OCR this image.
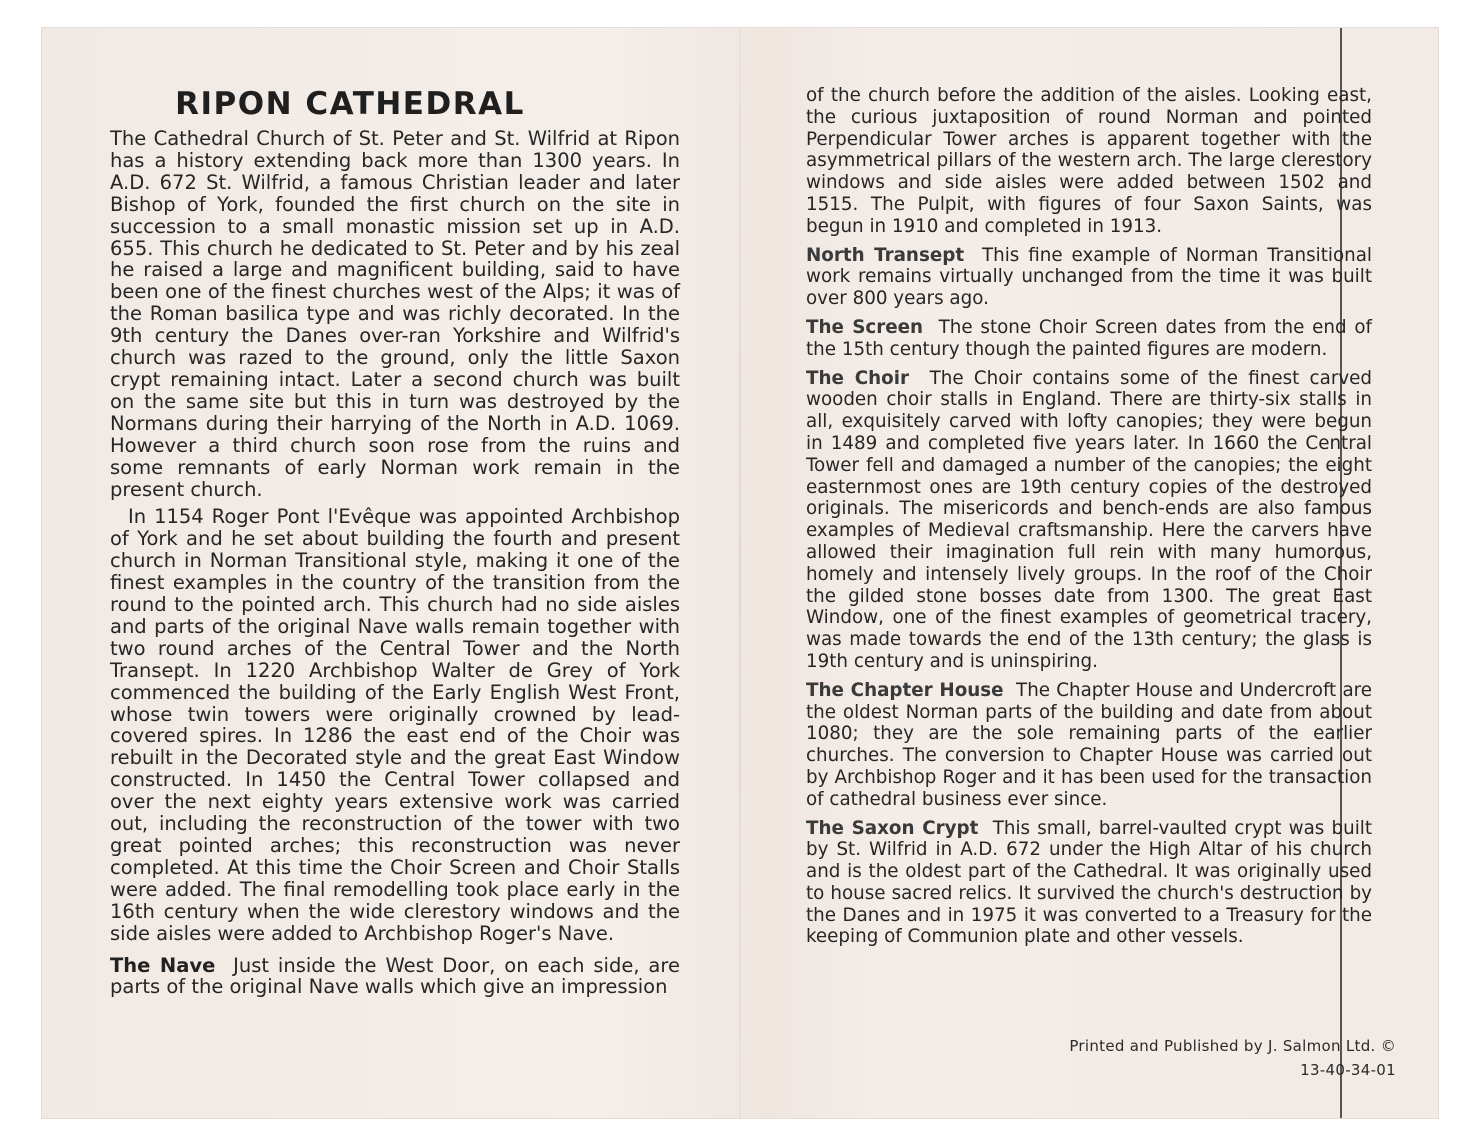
RIPON CATHEDRAL

The Cathedral Church of St. Peter and St. Wilfrid at Ripon has a history extending back more than 1300 years. In A.D. 672 St. Wilfrid, a famous Christian leader and later Bishop of York, founded the first church on the site in succession to a small monastic mission set up in A.D. 655. This church he dedicated to St. Peter and by his zeal he raised a large and magnificent building, said to have been one of the finest churches west of the Alps; it was of the Roman basilica type and was richly decorated. In the 9th century the Danes over-ran Yorkshire and Wilfrid's church was razed to the ground, only the little Saxon crypt remaining intact. Later a second church was built on the same site but this in turn was destroyed by the Normans during their harrying of the North in A.D. 1069. However a third church soon rose from the ruins and some remnants of early Norman work remain in the present church.

In 1154 Roger Pont l'Evêque was appointed Archbishop of York and he set about building the fourth and present church in Norman Transitional style, making it one of the finest examples in the country of the transition from the round to the pointed arch. This church had no side aisles and parts of the original Nave walls remain together with two round arches of the Central Tower and the North Transept. In 1220 Archbishop Walter de Grey of York commenced the building of the Early English West Front, whose twin towers were originally crowned by lead-covered spires. In 1286 the east end of the Choir was rebuilt in the Decorated style and the great East Window constructed. In 1450 the Central Tower collapsed and over the next eighty years extensive work was carried out, including the reconstruction of the tower with two great pointed arches; this reconstruction was never completed. At this time the Choir Screen and Choir Stalls were added. The final remodelling took place early in the 16th century when the wide clerestory windows and the side aisles were added to Archbishop Roger's Nave.

The Nave Just inside the West Door, on each side, are parts of the original Nave walls which give an impression

of the church before the addition of the aisles. Looking east, the curious juxtaposition of round Norman and pointed Perpendicular Tower arches is apparent together with the asymmetrical pillars of the western arch. The large clerestory windows and side aisles were added between 1502 and 1515. The Pulpit, with figures of four Saxon Saints, was begun in 1910 and completed in 1913.

North Transept This fine example of Norman Transitional work remains virtually unchanged from the time it was built over 800 years ago.

The Screen The stone Choir Screen dates from the end of the 15th century though the painted figures are modern.

The Choir The Choir contains some of the finest carved wooden choir stalls in England. There are thirty-six stalls in all, exquisitely carved with lofty canopies; they were begun in 1489 and completed five years later. In 1660 the Central Tower fell and damaged a number of the canopies; the eight easternmost ones are 19th century copies of the destroyed originals. The misericords and bench-ends are also famous examples of Medieval craftsmanship. Here the carvers have allowed their imagination full rein with many humorous, homely and intensely lively groups. In the roof of the Choir the gilded stone bosses date from 1300. The great East Window, one of the finest examples of geometrical tracery, was made towards the end of the 13th century; the glass is 19th century and is uninspiring.

The Chapter House The Chapter House and Undercroft are the oldest Norman parts of the building and date from about 1080; they are the sole remaining parts of the earlier churches. The conversion to Chapter House was carried out by Archbishop Roger and it has been used for the transaction of cathedral business ever since.

The Saxon Crypt This small, barrel-vaulted crypt was built by St. Wilfrid in A.D. 672 under the High Altar of his church and is the oldest part of the Cathedral. It was originally used to house sacred relics. It survived the church's destruction by the Danes and in 1975 it was converted to a Treasury for the keeping of Communion plate and other vessels.

Printed and Published by J. Salmon Ltd. ©
13-40-34-01
